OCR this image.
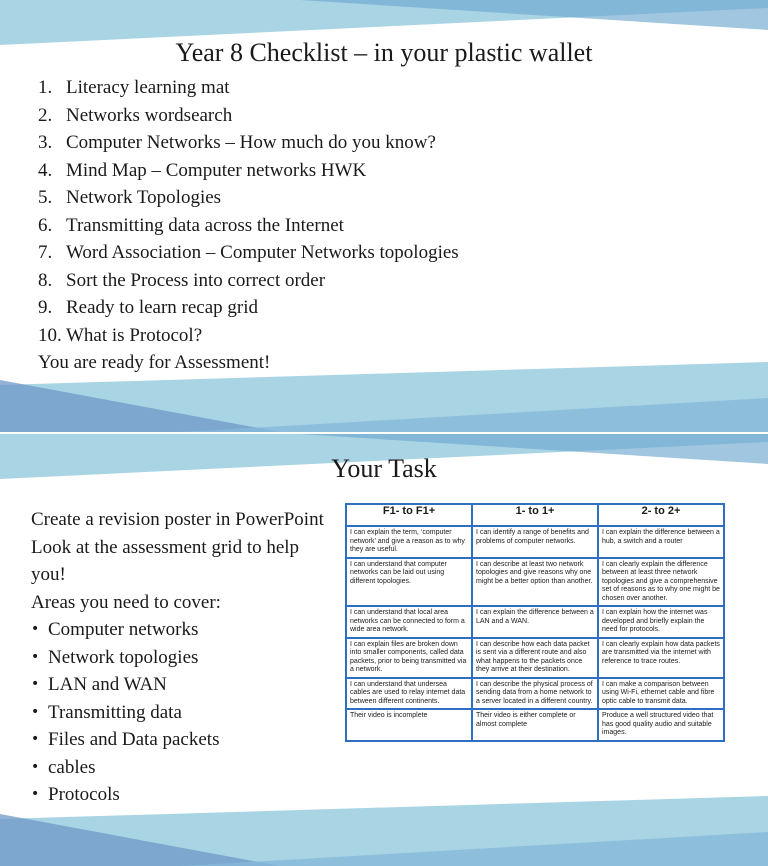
Year 8 Checklist – in your plastic wallet
1. Literacy learning mat
2. Networks wordsearch
3. Computer Networks – How much do you know?
4. Mind Map – Computer networks HWK
5. Network Topologies
6. Transmitting data across the Internet
7. Word Association – Computer Networks topologies
8. Sort the Process into correct order
9. Ready to learn recap grid
10. What is Protocol?
You are ready for Assessment!
Your Task
Create a revision poster in PowerPoint
Look at the assessment grid to help you!
Areas you need to cover:
• Computer networks
• Network topologies
• LAN and WAN
• Transmitting data
• Files and Data packets
• cables
• Protocols
F1- to F1+	1- to 1+	2- to 2+
I can explain the term, ‘computer network’ and give a reason as to why they are useful.	I can identify a range of benefits and problems of computer networks.	I can explain the difference between a hub, a switch and a router
I can understand that computer networks can be laid out using different topologies.	I can describe at least two network topologies and give reasons why one might be a better option than another.	I can clearly explain the difference between at least three network topologies and give a comprehensive set of reasons as to why one might be chosen over another.
I can understand that local area networks can be connected to form a wide area network.	I can explain the difference between a LAN and a WAN.	I can explain how the internet was developed and briefly explain the need for protocols.
I can explain files are broken down into smaller components, called data packets, prior to being transmitted via a network.	I can describe how each data packet is sent via a different route and also what happens to the packets once they arrive at their destination.	I can clearly explain how data packets are transmitted via the internet with reference to trace routes.
I can understand that undersea cables are used to relay internet data between different continents.	I can describe the physical process of sending data from a home network to a server located in a different country.	I can make a comparison between using Wi-Fi, ethernet cable and fibre optic cable to transmit data.
Their video is incomplete	Their video is either complete or almost complete	Produce a well structured video that has good quality audio and suitable images.
